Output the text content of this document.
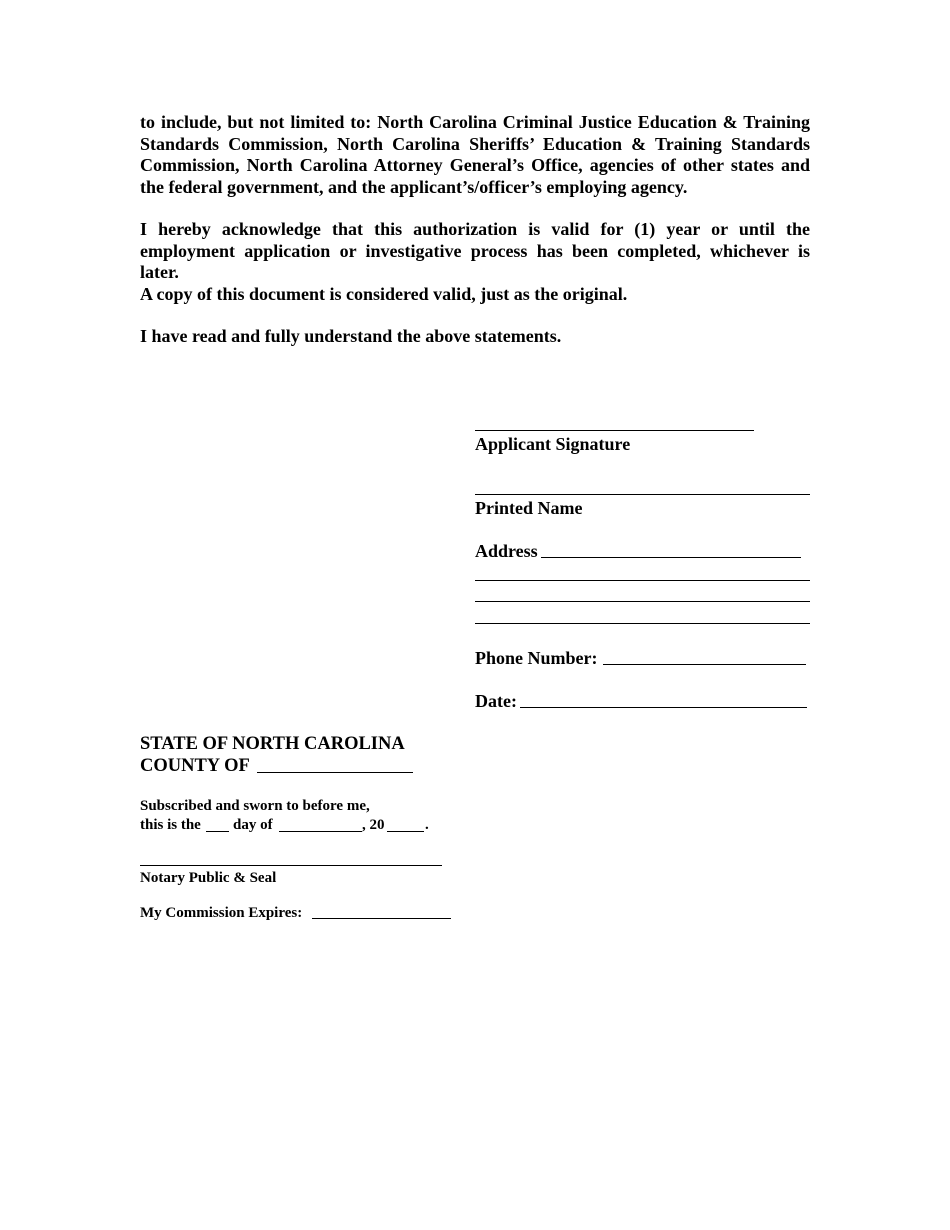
to include, but not limited to: North Carolina Criminal Justice Education & Training Standards Commission, North Carolina Sheriffs’ Education & Training Standards Commission, North Carolina Attorney General’s Office, agencies of other states and the federal government, and the applicant’s/officer’s employing agency.

I hereby acknowledge that this authorization is valid for (1) year or until the employment application or investigative process has been completed, whichever is later.

A copy of this document is considered valid, just as the original.

I have read and fully understand the above statements.

Applicant Signature

Printed Name

Address

Phone Number:

Date:

STATE OF NORTH CAROLINA

COUNTY OF

Subscribed and sworn to before me,

this is the day of	, 20	.

Notary Public & Seal

My Commission Expires:
